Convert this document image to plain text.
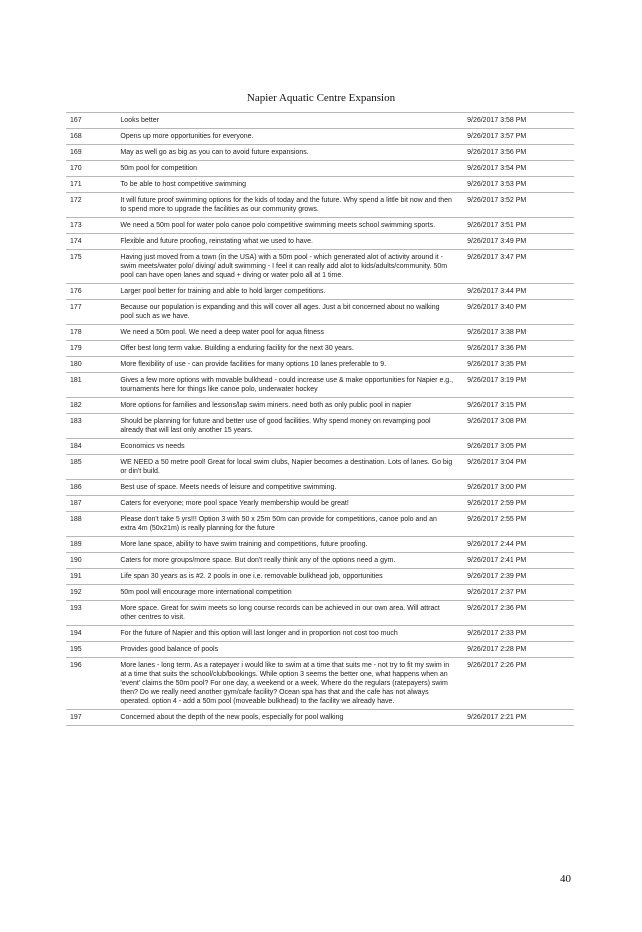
Napier Aquatic Centre Expansion
167	Looks better	9/26/2017 3:58 PM
168	Opens up more opportunities for everyone.	9/26/2017 3:57 PM
169	May as well go as big as you can to avoid future expansions.	9/26/2017 3:56 PM
170	50m pool for competition	9/26/2017 3:54 PM
171	To be able to host competitive swimming	9/26/2017 3:53 PM
172	It will future proof swimming options for the kids of today and the future. Why spend a little bit now and then to spend more to upgrade the facilities as our community grows.	9/26/2017 3:52 PM
173	We need a 50m pool for water polo canoe polo competitive swimming meets school swimming sports.	9/26/2017 3:51 PM
174	Flexible and future proofing, reinstating what we used to have.	9/26/2017 3:49 PM
175	Having just moved from a town (in the USA) with a 50m pool - which generated alot of activity around it - swim meets/water polo/ diving/ adult swimming - I feel it can really add alot to kids/adults/community. 50m pool can have open lanes and squad + diving or water polo all at 1 time.	9/26/2017 3:47 PM
176	Larger pool better for training and able to hold larger competitions.	9/26/2017 3:44 PM
177	Because our population is expanding and this will cover all ages. Just a bit concerned about no walking pool such as we have.	9/26/2017 3:40 PM
178	We need a 50m pool. We need a deep water pool for aqua fitness	9/26/2017 3:38 PM
179	Offer best long term value. Building a enduring facility for the next 30 years.	9/26/2017 3:36 PM
180	More flexibility of use - can provide facilities for many options 10 lanes preferable to 9.	9/26/2017 3:35 PM
181	Gives a few more options with movable bulkhead - could increase use & make opportunities for Napier e.g., tournaments here for things like canoe polo, underwater hockey	9/26/2017 3:19 PM
182	More options for families and lessons/lap swim miners. need both as only public pool in napier	9/26/2017 3:15 PM
183	Should be planning for future and better use of good facilities. Why spend money on revamping pool already that will last only another 15 years.	9/26/2017 3:08 PM
184	Economics vs needs	9/26/2017 3:05 PM
185	WE NEED a 50 metre pool! Great for local swim clubs, Napier becomes a destination. Lots of lanes. Go big or din't build.	9/26/2017 3:04 PM
186	Best use of space. Meets needs of leisure and competitive swimming.	9/26/2017 3:00 PM
187	Caters for everyone; more pool space Yearly membership would be great!	9/26/2017 2:59 PM
188	Please don't take 5 yrs!!! Option 3 with 50 x 25m 50m can provide for competitions, canoe polo and an extra 4m (50x21m) is really planning for the future	9/26/2017 2:55 PM
189	More lane space, ability to have swim training and competitions, future proofing.	9/26/2017 2:44 PM
190	Caters for more groups/more space. But don't really think any of the options need a gym.	9/26/2017 2:41 PM
191	Life span 30 years as is #2. 2 pools in one i.e. removable bulkhead job, opportunities	9/26/2017 2:39 PM
192	50m pool will encourage more international competition	9/26/2017 2:37 PM
193	More space. Great for swim meets so long course records can be achieved in our own area. Will attract other centres to visit.	9/26/2017 2:36 PM
194	For the future of Napier and this option will last longer and in proportion not cost too much	9/26/2017 2:33 PM
195	Provides good balance of pools	9/26/2017 2:28 PM
196	More lanes - long term. As a ratepayer i would like to swim at a time that suits me - not try to fit my swim in at a time that suits the school/club/bookings. While option 3 seems the better one, what happens when an 'event' claims the 50m pool? For one day, a weekend or a week. Where do the regulars (ratepayers) swim then? Do we really need another gym/cafe facility? Ocean spa has that and the cafe has not always operated. option 4 - add a 50m pool (moveable bulkhead) to the facility we already have.	9/26/2017 2:26 PM
197	Concerned about the depth of the new pools, especially for pool walking	9/26/2017 2:21 PM
40
